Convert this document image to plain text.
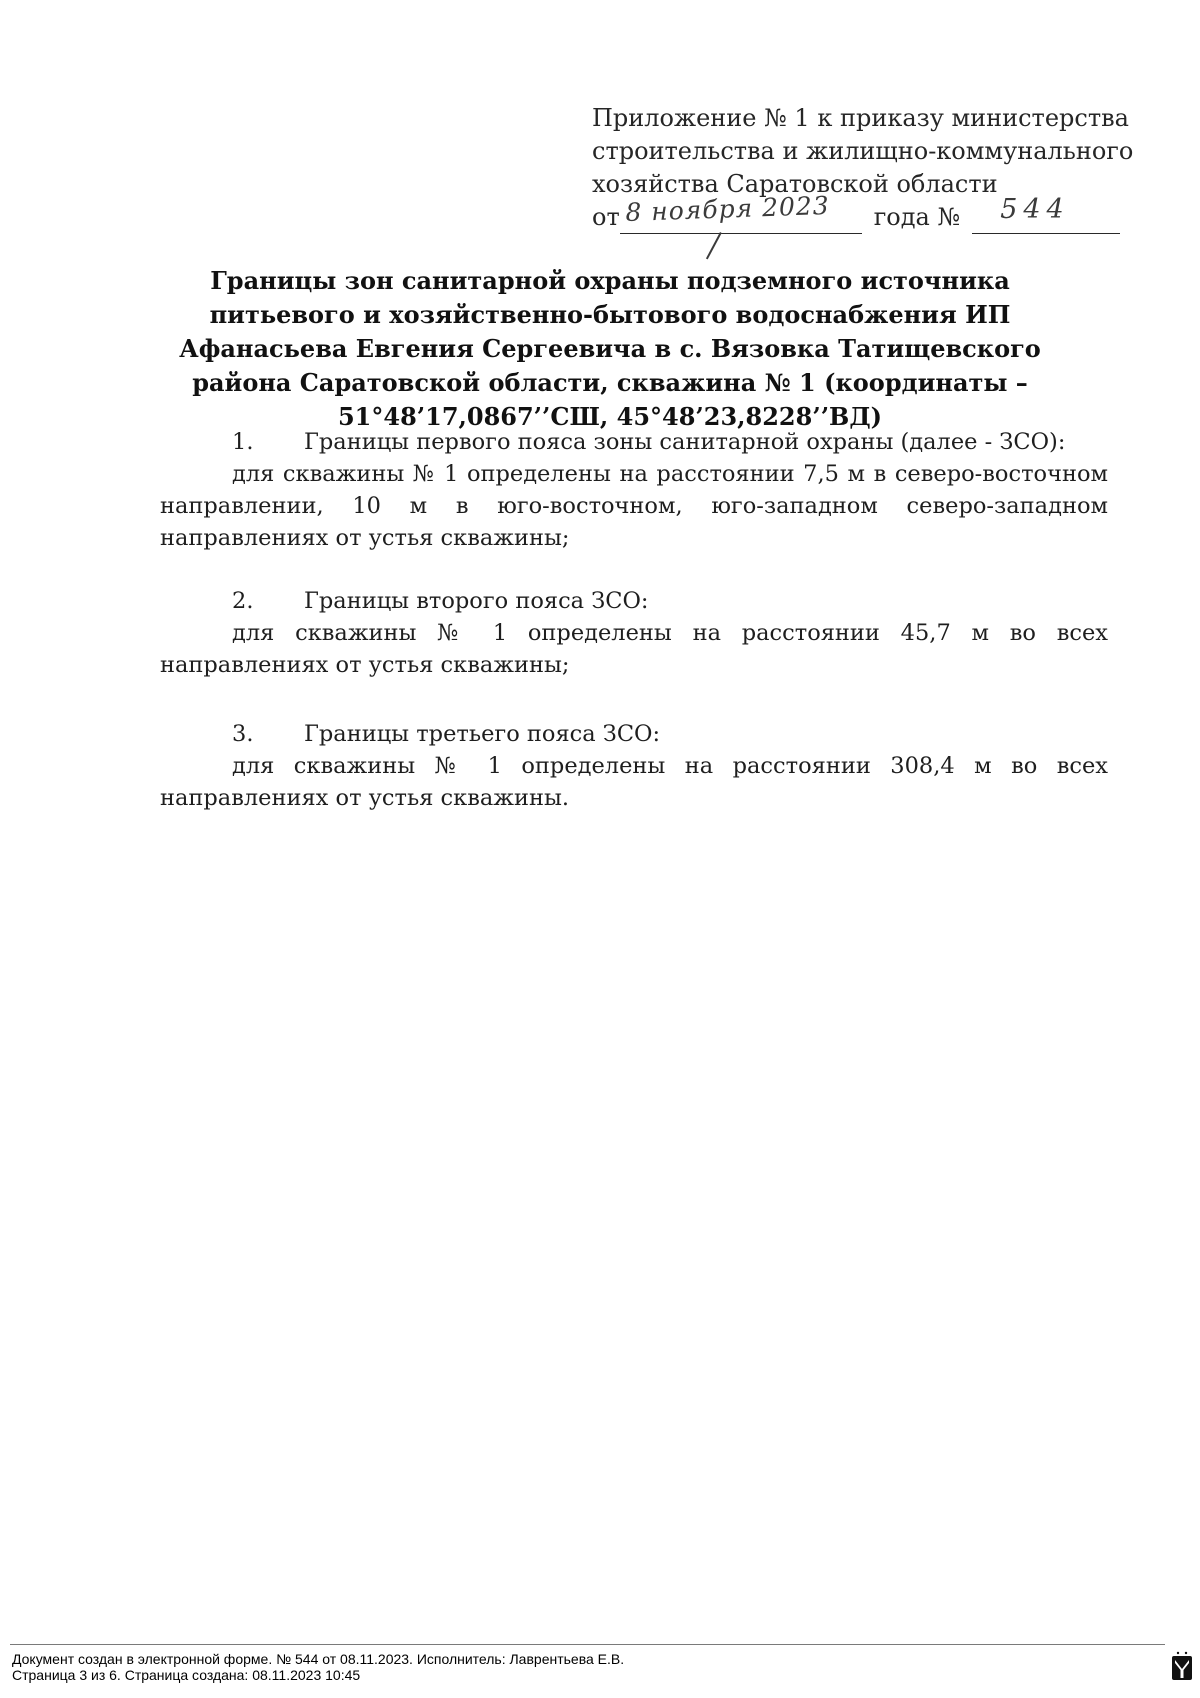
Приложение № 1 к приказу министерства
строительства и жилищно-коммунального
хозяйства Саратовской области
от 8 ноября 2023 года № 544
Границы зон санитарной охраны подземного источника питьевого и хозяйственно-бытового водоснабжения ИП Афанасьева Евгения Сергеевича в с. Вязовка Татищевского района Саратовской области, скважина № 1 (координаты – 51°48’17,0867’’СШ, 45°48’23,8228’’ВД)
1. Границы первого пояса зоны санитарной охраны (далее - ЗСО):
для скважины № 1 определены на расстоянии 7,5 м в северо-восточном направлении, 10 м в юго-восточном, юго-западном северо-западном направлениях от устья скважины;
2. Границы второго пояса ЗСО:
для скважины № 1 определены на расстоянии 45,7 м во всех направлениях от устья скважины;
3. Границы третьего пояса ЗСО:
для скважины № 1 определены на расстоянии 308,4 м во всех направлениях от устья скважины.
Документ создан в электронной форме. № 544 от 08.11.2023. Исполнитель: Лаврентьева Е.В.
Страница 3 из 6. Страница создана: 08.11.2023 10:45
